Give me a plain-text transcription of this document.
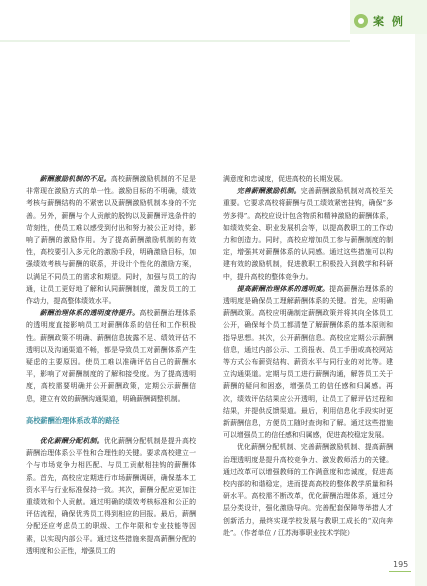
案 例

薪酬激励机制的不足。高校薪酬激励机制的不足是非常现在激励方式的单一性。激励目标的不明确，绩效考核与薪酬结构的不紧密以及薪酬激励机制本身的不完善。另外，薪酬与个人贡献的脱钩以及薪酬评选条件的苛刻性，使员工难以感受到付出和努力被公正对待，影响了薪酬的激励作用。为了提高薪酬激励机制的有效性，高校要引入多元化的激励手段，明确激励目标，加强绩效考核与薪酬的联系，并设计个性化的激励方案，以满足不同员工的需求和期望。同时，加强与员工的沟通，让员工更好地了解和认同薪酬制度，激发员工的工作动力，提高整体绩效水平。

薪酬治理体系的透明度待提升。高校薪酬治理体系的透明度直接影响员工对薪酬体系的信任和工作积极性。薪酬政策不明确、薪酬信息披露不足、绩效评估不透明以及沟通渠道不畅，都是导致员工对薪酬体系产生疑虑的主要原因。使员工难以准确评估自己的薪酬水平，影响了对薪酬制度的了解和接受度。为了提高透明度，高校需要明确并公开薪酬政策，定期公示薪酬信息，建立有效的薪酬沟通渠道，明确薪酬调整机制。

高校薪酬治理体系改革的路径

优化薪酬分配机制。优化薪酬分配机制是提升高校薪酬治理体系公平性和合理性的关键。要求高校建立一个与市场竞争力相匹配、与员工贡献相挂钩的薪酬体系。首先，高校应定期进行市场薪酬调研，确保基本工资水平与行业标准保持一致。其次，薪酬分配应更加注重绩效和个人贡献。通过明确的绩效考核标准和公正的评估流程，确保优秀员工得到相应的回报。最后，薪酬分配还应考虑员工的职级、工作年限和专业技能等因素，以实现内部公平。通过这些措施来提高薪酬分配的透明度和公正性，增强员工的

满意度和忠诚度，促进高校的长期发展。

完善薪酬激励机制。完善薪酬激励机制对高校至关重要。它要求高校将薪酬与员工绩效紧密挂钩，确保“多劳多得”。高校应设计包含物质和精神激励的薪酬体系，如绩效奖金、职业发展机会等，以提高教职工的工作动力和创造力。同时，高校应增加员工参与薪酬制度的制定，增强其对薪酬体系的认同感。通过这些措施可以构建有效的激励机制，促进教职工积极投入到教学和科研中，提升高校的整体竞争力。

提高薪酬治理体系的透明度。提高薪酬治理体系的透明度是确保员工理解薪酬体系的关键。首先，应明确薪酬政策。高校应明确制定薪酬政策并将其向全体员工公开，确保每个员工都清楚了解薪酬体系的基本原则和指导思想。其次，公开薪酬信息。高校应定期公示薪酬信息，通过内部公示、工资报表、员工手册或高校网站等方式公布薪资结构、薪资水平与同行业的对比等。建立沟通渠道。定期与员工进行薪酬沟通，解答员工关于薪酬的疑问和困惑，增强员工的信任感和归属感。再次，绩效评估结果应公开透明，让员工了解评估过程和结果，并提供反馈渠道。最后，利用信息化手段实时更新薪酬信息，方便员工随时查询和了解。通过这些措施可以增强员工的信任感和归属感，促进高校稳定发展。

优化薪酬分配机制、完善薪酬激励机制、提高薪酬治理透明度是提升高校竞争力、激发教师活力的关键。通过改革可以增强教师的工作满意度和忠诚度，促进高校内部的和谐稳定，进而提高高校的整体教学质量和科研水平。高校需不断改革，优化薪酬治理体系，通过分层分类设计，强化激励导向。完善配套保障等举措人才创新活力，最终实现学校发展与教职工成长的“双向奔赴”。（作者单位 / 江苏海事职业技术学院）

195
